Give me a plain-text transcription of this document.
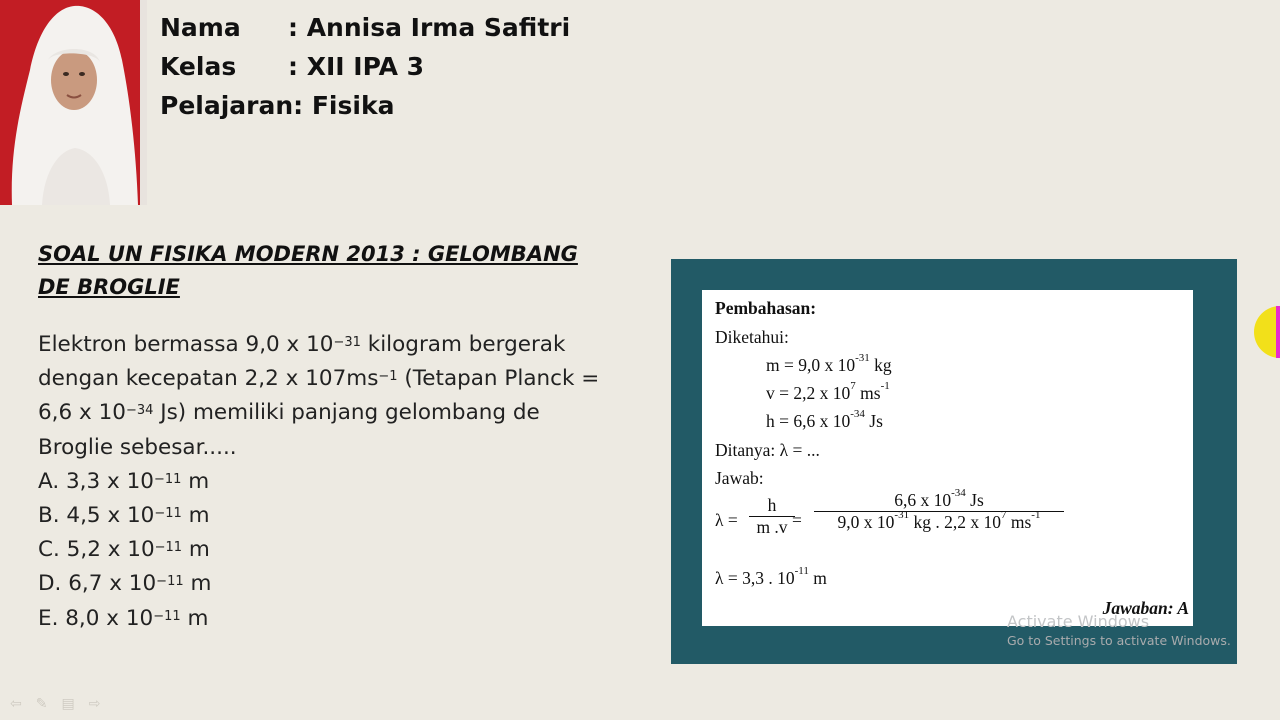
Nama	: Annisa Irma Safitri
Kelas	: XII IPA 3
Pelajaran: Fisika
SOAL UN FISIKA MODERN 2013 : GELOMBANG
DE BROGLIE

Elektron bermassa 9,0 x $10^{-31}$ kilogram bergerak

dengan kecepatan 2,2 x $107ms^{-1}$ (Tetapan Planck =

6,6 x $10^{-34}$ Js) memiliki panjang gelombang de

Broglie sebesar.....

A. 3,3 x $10^{-11}$ m
B. 4,5 x $10^{-11}$ m
C. 5,2 x $10^{-11}$ m
D. 6,7 x $10^{-11}$ m
E. 8,0 x $10^{-11}$ m
Pembahasan:
Diketahui:
m = 9,0 x $10^{-31}$ kg
v = 2,2 x $10^7$ $ms^{-1}$
h = 6,6 x $10^{-34}$ Js
Ditanya: λ = ...
Jawab:
$\lambda = \frac{h}{m .v}$
= $\frac{6,6 x 10^{-34} Js}{9,0 x 10^{-31} kg . 2,2 x 10^7 ms^{-1}}$
λ = 3,3 . $10^{-11}$ m
Jawaban: A
Activate Windows
Go to Settings to activate Windows.
⇦ ✎ ▤ ⇨
